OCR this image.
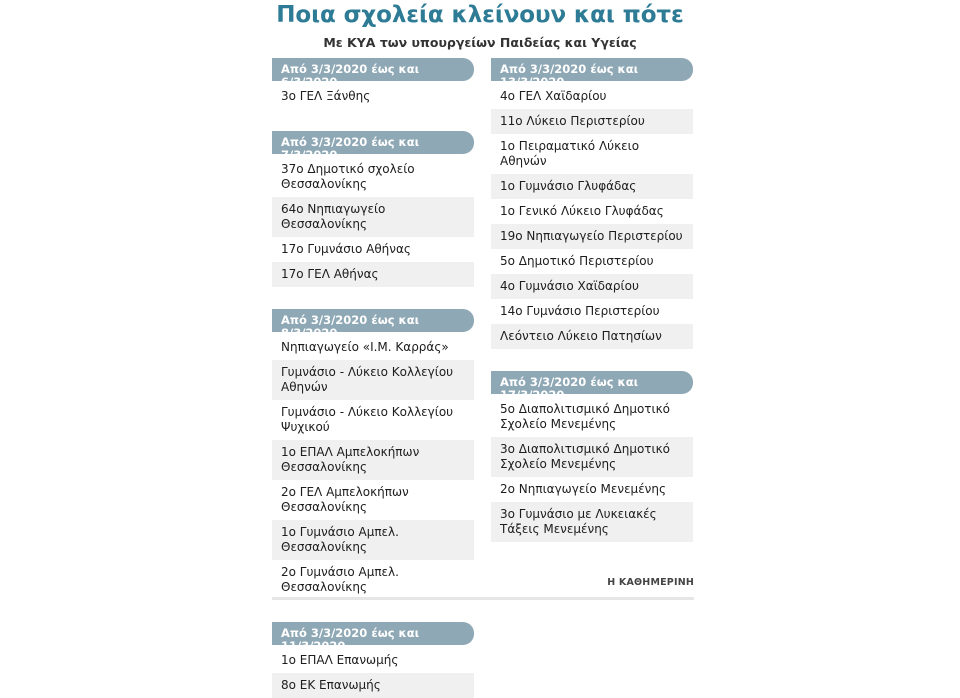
Ποια σχολεία κλείνουν και πότε

Με ΚΥΑ των υπουργείων Παιδείας και Υγείας

Από 3/3/2020 έως και 6/3/2020
3ο ΓΕΛ Ξάνθης
Από 3/3/2020 έως και 7/3/2020
37ο Δημοτικό σχολείο Θεσσαλονίκης
64ο Νηπιαγωγείο Θεσσαλονίκης
17ο Γυμνάσιο Αθήνας
17ο ΓΕΛ Αθήνας
Από 3/3/2020 έως και 8/3/2020
Νηπιαγωγείο «Ι.Μ. Καρράς»
Γυμνάσιο - Λύκειο Κολλεγίου Αθηνών
Γυμνάσιο - Λύκειο Κολλεγίου Ψυχικού
1ο ΕΠΑΛ Αμπελοκήπων Θεσσαλονίκης
2ο ΓΕΛ Αμπελοκήπων Θεσσαλονίκης
1ο Γυμνάσιο Αμπελ. Θεσσαλονίκης
2ο Γυμνάσιο Αμπελ. Θεσσαλονίκης
Από 3/3/2020 έως και 11/3/2020
1ο ΕΠΑΛ Επανωμής
8ο ΕΚ Επανωμής
Από 3/3/2020 έως και 13/3/2020
4ο ΓΕΛ Χαϊδαρίου
11ο Λύκειο Περιστερίου
1ο Πειραματικό Λύκειο Αθηνών
1ο Γυμνάσιο Γλυφάδας
1ο Γενικό Λύκειο Γλυφάδας
19ο Νηπιαγωγείο Περιστερίου
5ο Δημοτικό Περιστερίου
4ο Γυμνάσιο Χαϊδαρίου
14ο Γυμνάσιο Περιστερίου
Λεόντειο Λύκειο Πατησίων
Από 3/3/2020 έως και 17/3/2020
5ο Διαπολιτισμικό Δημοτικό Σχολείο Μενεμένης
3ο Διαπολιτισμικό Δημοτικό Σχολείο Μενεμένης
2ο Νηπιαγωγείο Μενεμένης
3ο Γυμνάσιο με Λυκειακές Τάξεις Μενεμένης
Η ΚΑΘΗΜΕΡΙΝΗ
